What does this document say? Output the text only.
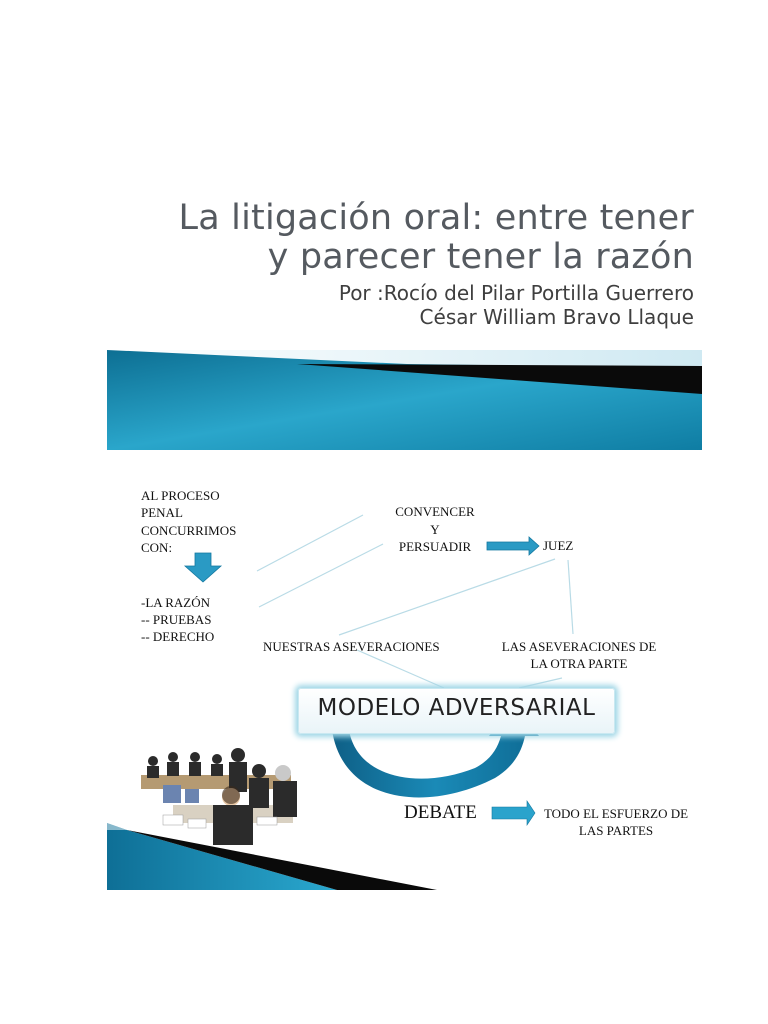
La litigación oral: entre tener
y parecer tener la razón
Por :Rocío del Pilar Portilla Guerrero
César William Bravo Llaque
AL PROCESO
PENAL
CONCURRIMOS
CON:
-LA RAZÓN
-- PRUEBAS
-- DERECHO
CONVENCER
Y
PERSUADIR	JUEZ
NUESTRAS ASEVERACIONES	LAS ASEVERACIONES DE
LA OTRA PARTE
MODELO ADVERSARIAL
DEBATE	TODO EL ESFUERZO DE
LAS PARTES
